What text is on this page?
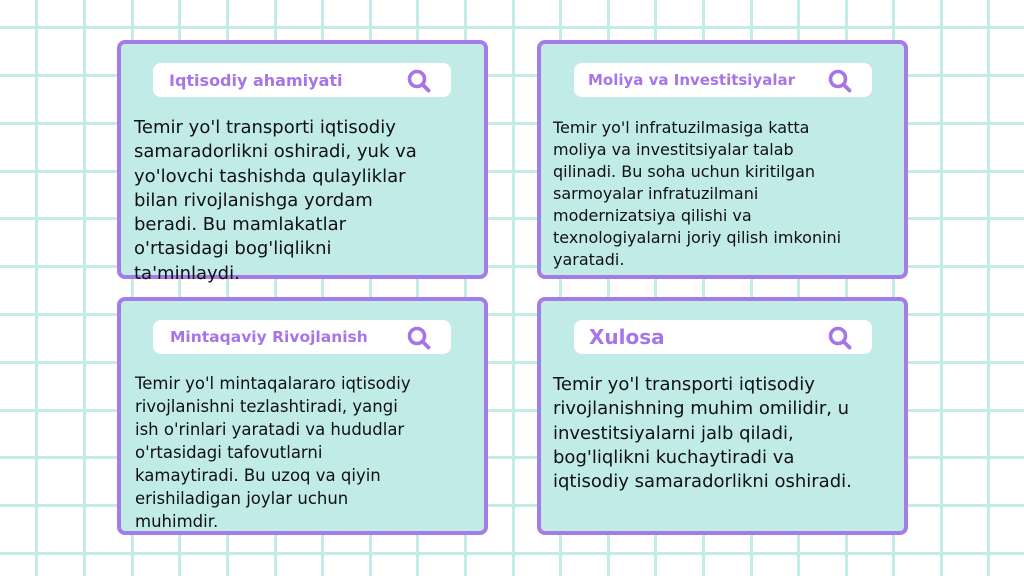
Iqtisodiy ahamiyati

Temir yo'l transporti iqtisodiy
samaradorlikni oshiradi, yuk va
yo'lovchi tashishda qulayliklar
bilan rivojlanishga yordam
beradi. Bu mamlakatlar
o'rtasidagi bog'liqlikni
ta'minlaydi.

Moliya va Investitsiyalar

Temir yo'l infratuzilmasiga katta
moliya va investitsiyalar talab
qilinadi. Bu soha uchun kiritilgan
sarmoyalar infratuzilmani
modernizatsiya qilishi va
texnologiyalarni joriy qilish imkonini
yaratadi.

Mintaqaviy Rivojlanish

Temir yo'l mintaqalararo iqtisodiy
rivojlanishni tezlashtiradi, yangi
ish o'rinlari yaratadi va hududlar
o'rtasidagi tafovutlarni
kamaytiradi. Bu uzoq va qiyin
erishiladigan joylar uchun
muhimdir.

Xulosa

Temir yo'l transporti iqtisodiy
rivojlanishning muhim omilidir, u
investitsiyalarni jalb qiladi,
bog'liqlikni kuchaytiradi va
iqtisodiy samaradorlikni oshiradi.
